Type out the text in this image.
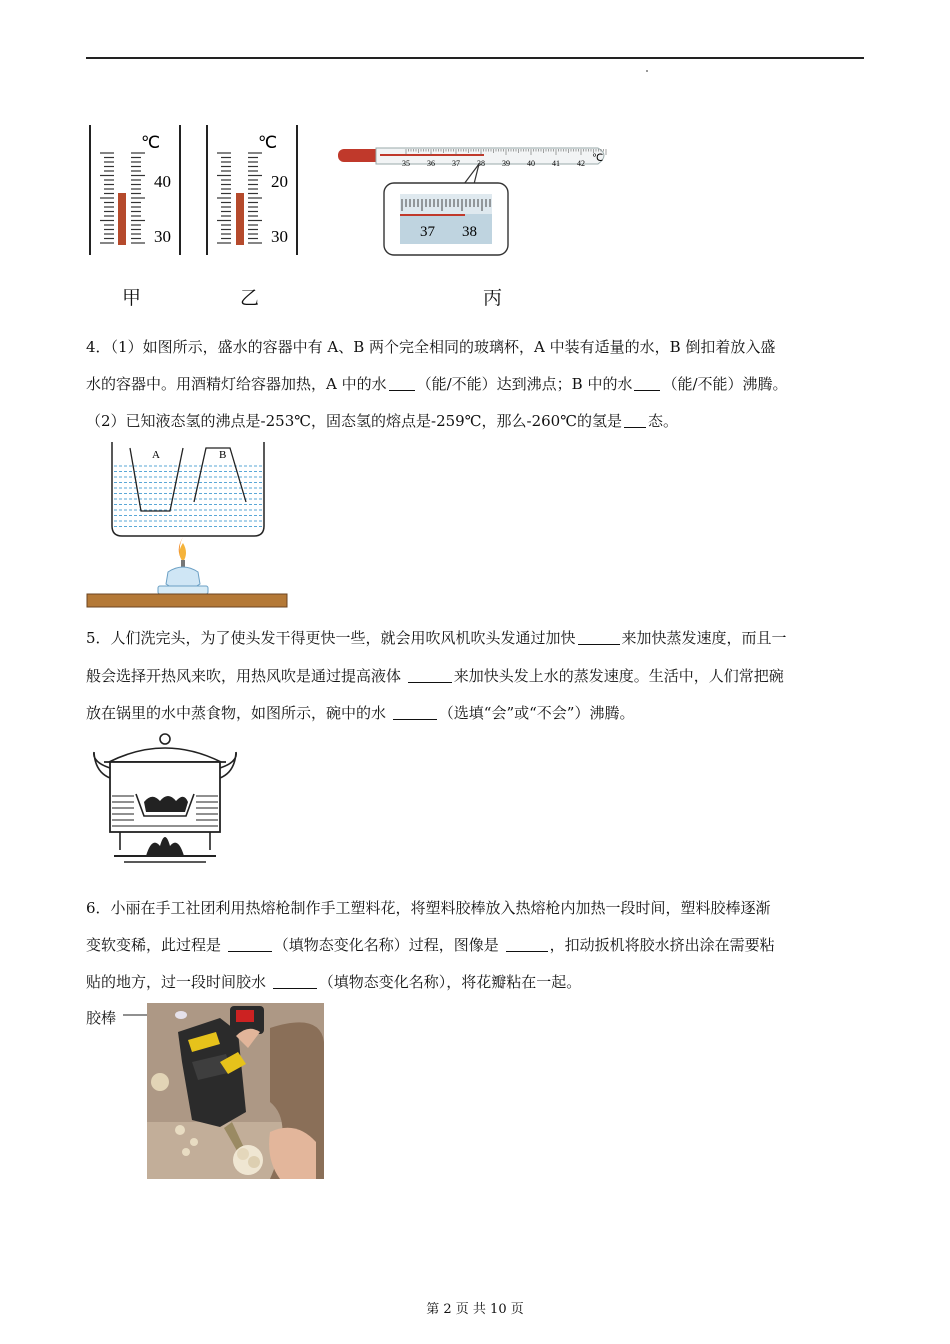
℃
40
30
℃
20
30
35 36 37 38 39 40 41 42 ℃
37 38
甲	乙	丙
4．（1）如图所示，盛水的容器中有 A、B 两个完全相同的玻璃杯，A 中装有适量的水，B 倒扣着放入盛
水的容器中。用酒精灯给容器加热，A 中的水 （能/不能）达到沸点；B 中的水 （能/不能）沸腾。
（2）已知液态氢的沸点是-253℃，固态氢的熔点是-259℃，那么-260℃的氢是 态。
A	B
5．人们洗完头，为了使头发干得更快一些，就会用吹风机吹头发通过加快	来加快蒸发速度，而且一
般会选择开热风来吹，用热风吹是通过提高液体	来加快头发上水的蒸发速度。生活中，人们常把碗
放在锅里的水中蒸食物，如图所示，碗中的水	（选填“会”或“不会”）沸腾。
6．小丽在手工社团利用热熔枪制作手工塑料花，将塑料胶棒放入热熔枪内加热一段时间，塑料胶棒逐渐
变软变稀，此过程是	（填物态变化名称）过程，图像是	，扣动扳机将胶水挤出涂在需要粘
贴的地方，过一段时间胶水	（填物态变化名称），将花瓣粘在一起。
胶棒
第 2 页 共 10 页
